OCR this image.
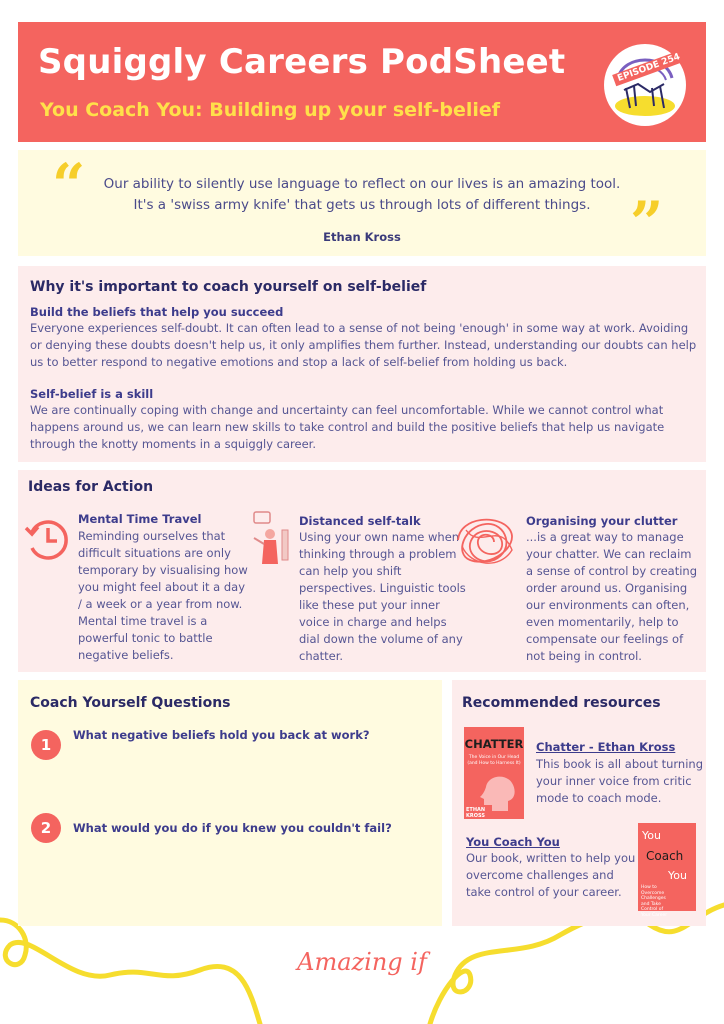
Squiggly Careers PodSheet
You Coach You: Building up your self-belief
EPISODE 254
“
”
Our ability to silently use language to reflect on our lives is an amazing tool.
It's a 'swiss army knife' that gets us through lots of different things.
Ethan Kross
Why it's important to coach yourself on self-belief
Build the beliefs that help you succeed
Everyone experiences self-doubt. It can often lead to a sense of not being 'enough' in some way at work. Avoiding or denying these doubts doesn't help us, it only amplifies them further. Instead, understanding our doubts can help us to better respond to negative emotions and stop a lack of self-belief from holding us back.
Self-belief is a skill
We are continually coping with change and uncertainty can feel uncomfortable. While we cannot control what happens around us, we can learn new skills to take control and build the positive beliefs that help us navigate through the knotty moments in a squiggly career.
Ideas for Action
Mental Time Travel
Reminding ourselves that difficult situations are only temporary by visualising how you might feel about it a day / a week or a year from now. Mental time travel is a powerful tonic to battle negative beliefs.
Distanced self-talk
Using your own name when thinking through a problem can help you shift perspectives. Linguistic tools like these put your inner voice in charge and helps dial down the volume of any chatter.
Organising your clutter
...is a great way to manage your chatter. We can reclaim a sense of control by creating order around us. Organising our environments can often, even momentarily, help to compensate our feelings of not being in control.
Coach Yourself Questions
1
What negative beliefs hold you back at work?
2	What would you do if you knew you couldn't fail?
Recommended resources
CHATTER
The Voice in Our Head (and How to Harness It)
ETHAN KROSS
Chatter - Ethan Kross
This book is all about turning your inner voice from critic mode to coach mode.
You Coach You
Our book, written to help you overcome challenges and take control of your career.
You
Coach
You
How to Overcome Challenges and Take Control of Your Career
Amazing if
